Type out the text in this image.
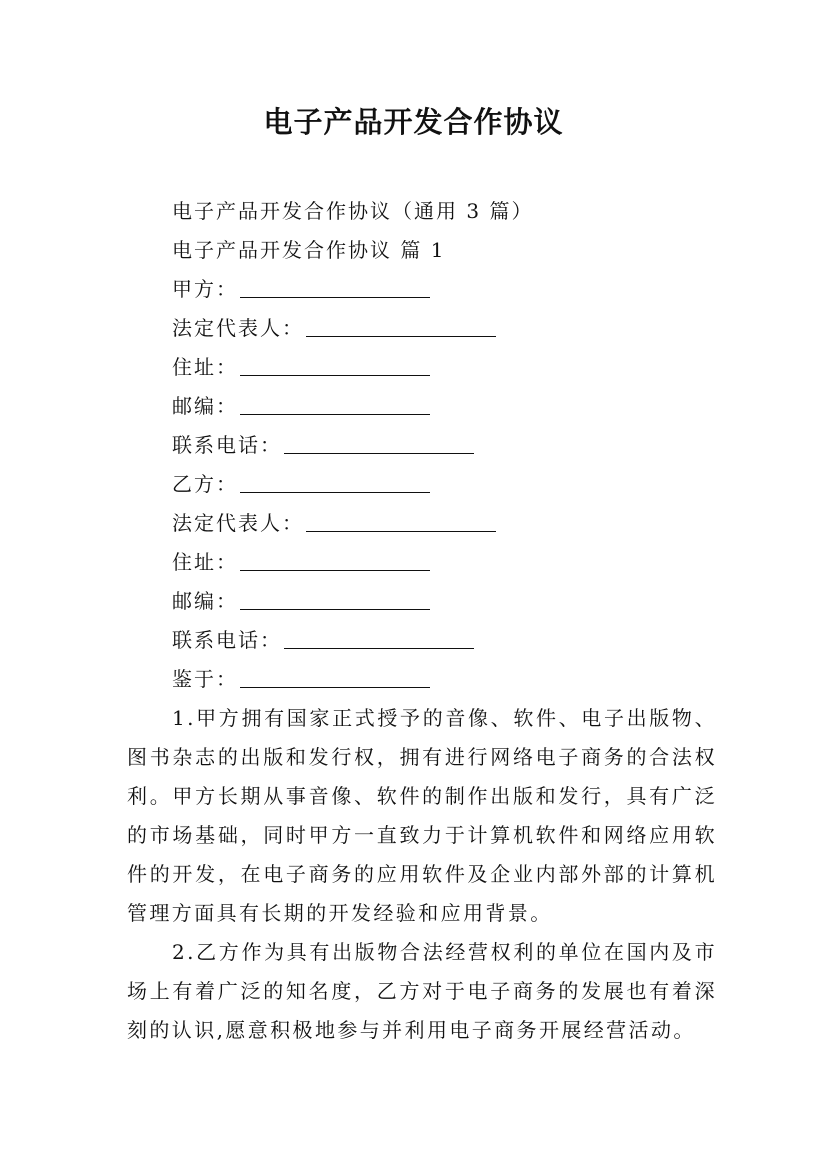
电子产品开发合作协议

电子产品开发合作协议（通用 3 篇）

电子产品开发合作协议 篇 1

甲方：

法定代表人：

住址：

邮编：

联系电话：

乙方：

法定代表人：

住址：

邮编：

联系电话：

鉴于：

1.甲方拥有国家正式授予的音像、软件、电子出版物、图书杂志的出版和发行权，拥有进行网络电子商务的合法权利。甲方长期从事音像、软件的制作出版和发行，具有广泛的市场基础，同时甲方一直致力于计算机软件和网络应用软件的开发，在电子商务的应用软件及企业内部外部的计算机管理方面具有长期的开发经验和应用背景。

2.乙方作为具有出版物合法经营权利的单位在国内及市场上有着广泛的知名度，乙方对于电子商务的发展也有着深刻的认识,愿意积极地参与并利用电子商务开展经营活动。
